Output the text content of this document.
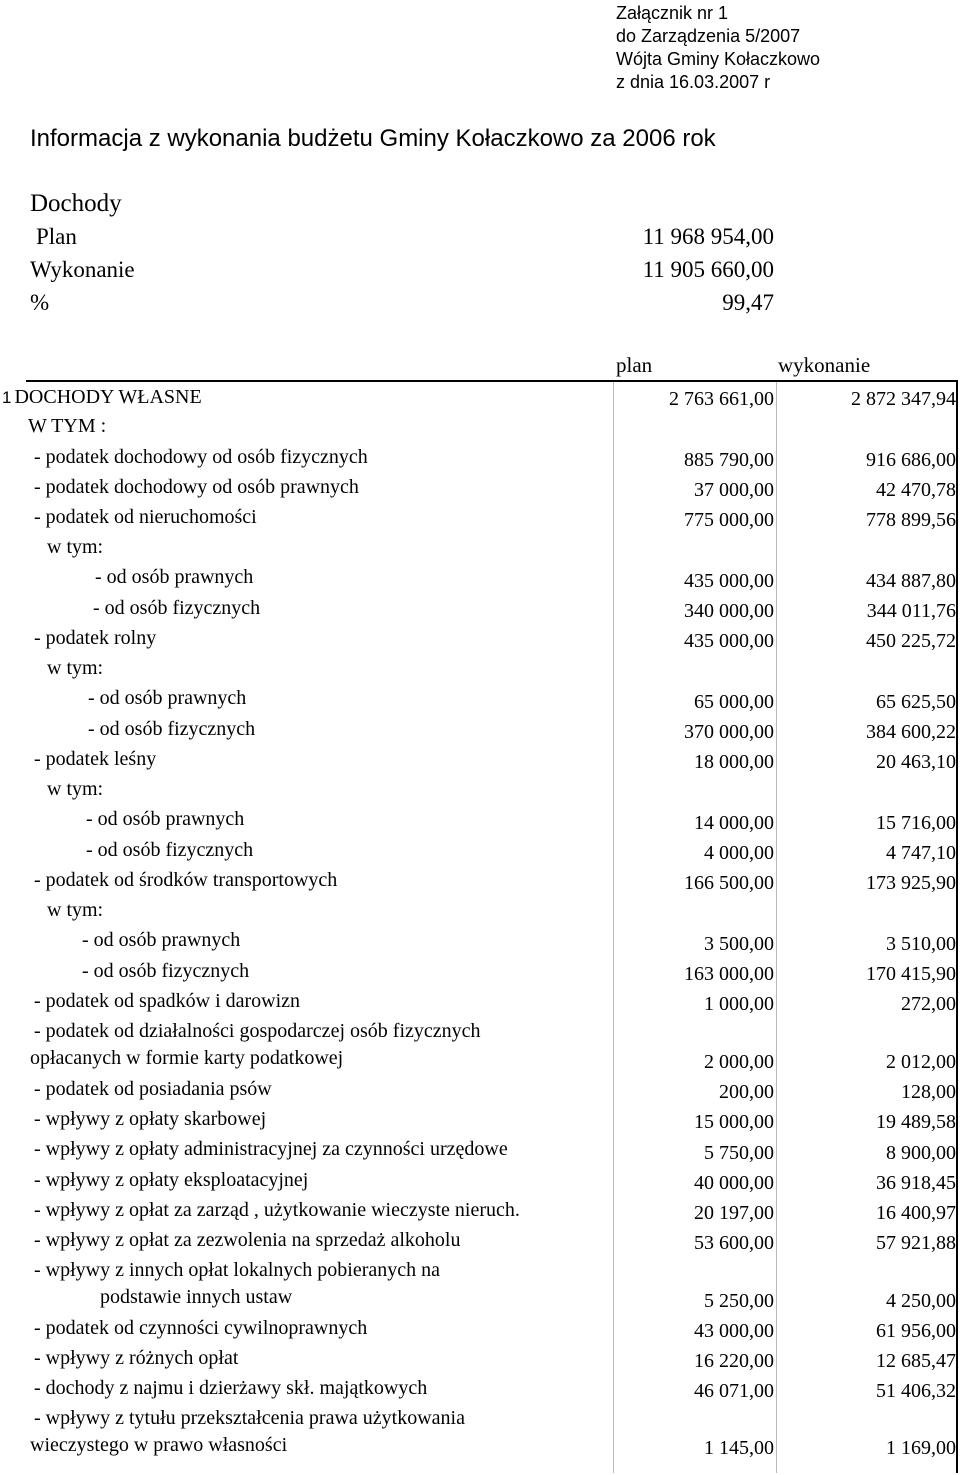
Załącznik nr 1
do Zarządzenia 5/2007
Wójta Gminy Kołaczkowo
z dnia 16.03.2007 r
Informacja z wykonania budżetu Gminy Kołaczkowo za 2006 rok
Dochody
Plan	11 968 954,00
Wykonanie	11 905 660,00
%	99,47
plan	wykonanie
1 DOCHODY WŁASNE	2 763 661,00	2 872 347,94
W TYM :
- podatek dochodowy od osób fizycznych	885 790,00	916 686,00
- podatek dochodowy od osób prawnych	37 000,00	42 470,78
- podatek od nieruchomości	775 000,00	778 899,56
w tym:
- od osób prawnych	435 000,00	434 887,80
- od osób fizycznych	340 000,00	344 011,76
- podatek rolny	435 000,00	450 225,72
w tym:
- od osób prawnych	65 000,00	65 625,50
- od osób fizycznych	370 000,00	384 600,22
- podatek leśny	18 000,00	20 463,10
w tym:
- od osób prawnych	14 000,00	15 716,00
- od osób fizycznych	4 000,00	4 747,10
- podatek od środków transportowych	166 500,00	173 925,90
w tym:
- od osób prawnych	3 500,00	3 510,00
- od osób fizycznych	163 000,00	170 415,90
- podatek od spadków i darowizn	1 000,00	272,00
- podatek od działalności gospodarczej osób fizycznych
opłacanych w formie karty podatkowej	2 000,00	2 012,00
- podatek od posiadania psów	200,00	128,00
- wpływy z opłaty skarbowej	15 000,00	19 489,58
- wpływy z opłaty administracyjnej za czynności urzędowe	5 750,00	8 900,00
- wpływy z opłaty eksploatacyjnej	40 000,00	36 918,45
- wpływy z opłat za zarząd , użytkowanie wieczyste nieruch.	20 197,00	16 400,97
- wpływy z opłat za zezwolenia na sprzedaż alkoholu	53 600,00	57 921,88
- wpływy z innych opłat lokalnych pobieranych na
podstawie innych ustaw	5 250,00	4 250,00
- podatek od czynności cywilnoprawnych	43 000,00	61 956,00
- wpływy z różnych opłat	16 220,00	12 685,47
- dochody z najmu i dzierżawy skł. majątkowych	46 071,00	51 406,32
- wpływy z tytułu przekształcenia prawa użytkowania
wieczystego w prawo własności	1 145,00	1 169,00
